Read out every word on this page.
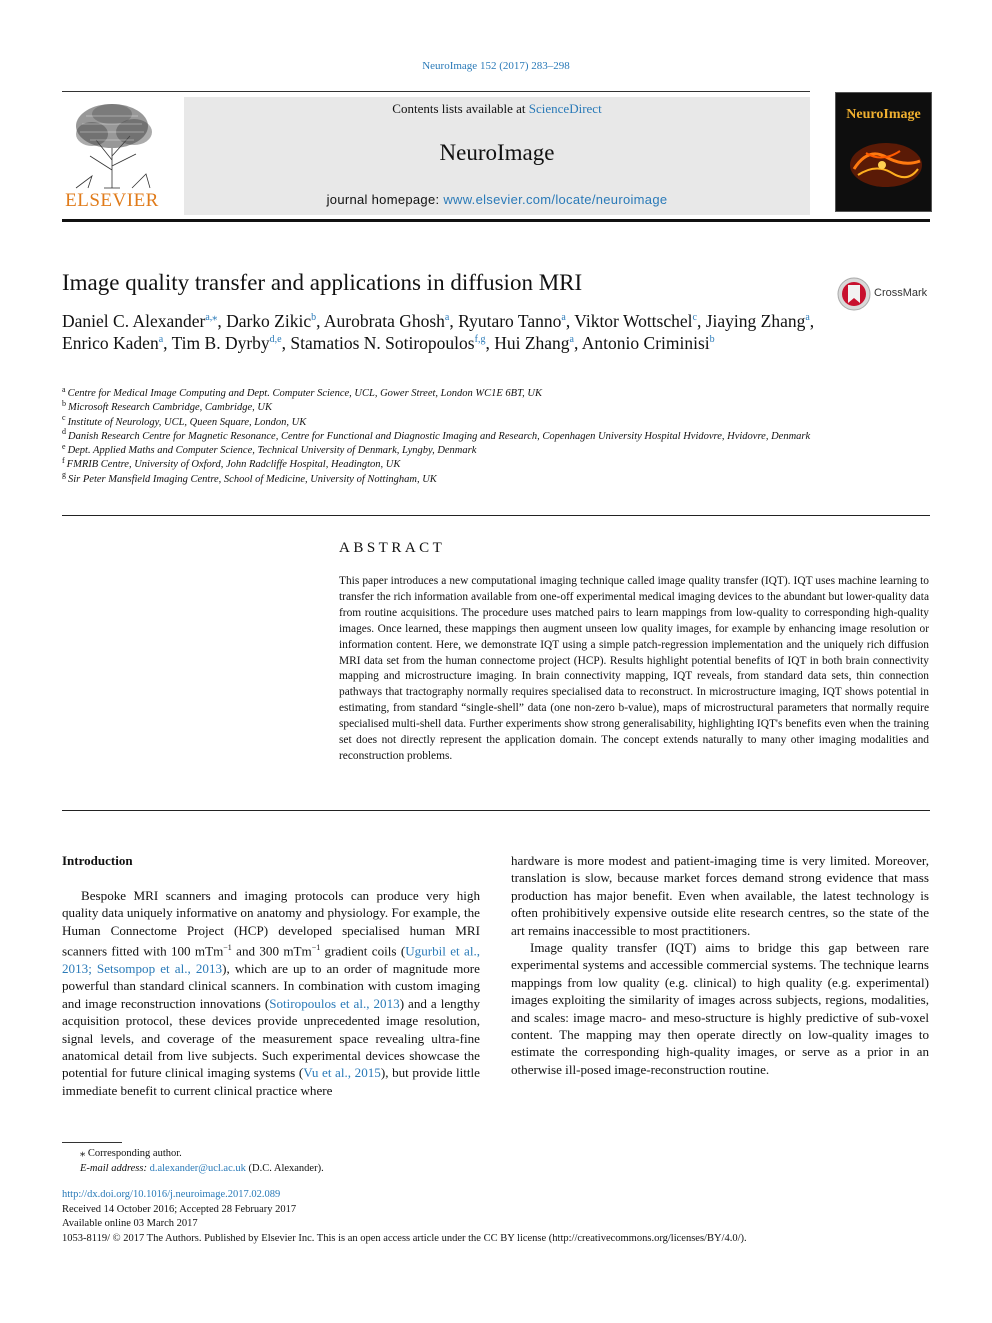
NeuroImage 152 (2017) 283–298
ELSEVIER
Contents lists available at ScienceDirect
NeuroImage
journal homepage: www.elsevier.com/locate/neuroimage
NeuroImage
Image quality transfer and applications in diffusion MRI	CrossMark
Daniel C. Alexander$^{a,⁎}$, Darko Zikic$^b$, Aurobrata Ghosh$^a$, Ryutaro Tanno$^a$, Viktor Wottschel$^c$, Jiaying Zhang$^a$, Enrico Kaden$^a$, Tim B. Dyrby$^{d,e}$, Stamatios N. Sotiropoulos$^{f,g}$, Hui Zhang$^a$, Antonio Criminisi$^b$
$^a$ Centre for Medical Image Computing and Dept. Computer Science, UCL, Gower Street, London WC1E 6BT, UK
$^b$ Microsoft Research Cambridge, Cambridge, UK
$^c$ Institute of Neurology, UCL, Queen Square, London, UK
$^d$ Danish Research Centre for Magnetic Resonance, Centre for Functional and Diagnostic Imaging and Research, Copenhagen University Hospital Hvidovre, Hvidovre, Denmark
$^e$ Dept. Applied Maths and Computer Science, Technical University of Denmark, Lyngby, Denmark
$^f$ FMRIB Centre, University of Oxford, John Radcliffe Hospital, Headington, UK
$^g$ Sir Peter Mansfield Imaging Centre, School of Medicine, University of Nottingham, UK
ABSTRACT
This paper introduces a new computational imaging technique called image quality transfer (IQT). IQT uses machine learning to transfer the rich information available from one-off experimental medical imaging devices to the abundant but lower-quality data from routine acquisitions. The procedure uses matched pairs to learn mappings from low-quality to corresponding high-quality images. Once learned, these mappings then augment unseen low quality images, for example by enhancing image resolution or information content. Here, we demonstrate IQT using a simple patch-regression implementation and the uniquely rich diffusion MRI data set from the human connectome project (HCP). Results highlight potential benefits of IQT in both brain connectivity mapping and microstructure imaging. In brain connectivity mapping, IQT reveals, from standard data sets, thin connection pathways that tractography normally requires specialised data to reconstruct. In microstructure imaging, IQT shows potential in estimating, from standard “single-shell” data (one non-zero b-value), maps of microstructural parameters that normally require specialised multi-shell data. Further experiments show strong generalisability, highlighting IQT's benefits even when the training set does not directly represent the application domain. The concept extends naturally to many other imaging modalities and reconstruction problems.
Introduction

Bespoke MRI scanners and imaging protocols can produce very high quality data uniquely informative on anatomy and physiology. For example, the Human Connectome Project (HCP) developed specialised human MRI scanners fitted with 100 mTm$^{-1}$ and 300 mTm$^{-1}$ gradient coils (Ugurbil et al., 2013; Setsompop et al., 2013), which are up to an order of magnitude more powerful than standard clinical scanners. In combination with custom imaging and image reconstruction innovations (Sotiropoulos et al., 2013) and a lengthy acquisition protocol, these devices provide unprecedented image resolution, signal levels, and coverage of the measurement space revealing ultra-fine anatomical detail from live subjects. Such experimental devices showcase the potential for future clinical imaging systems (Vu et al., 2015), but provide little immediate benefit to current clinical practice where

hardware is more modest and patient-imaging time is very limited. Moreover, translation is slow, because market forces demand strong evidence that mass production has major benefit. Even when available, the latest technology is often prohibitively expensive outside elite research centres, so the state of the art remains inaccessible to most practitioners.

Image quality transfer (IQT) aims to bridge this gap between rare experimental systems and accessible commercial systems. The technique learns mappings from low quality (e.g. clinical) to high quality (e.g. experimental) images exploiting the similarity of images across subjects, regions, modalities, and scales: image macro- and meso-structure is highly predictive of sub-voxel content. The mapping may then operate directly on low-quality images to estimate the corresponding high-quality images, or serve as a prior in an otherwise ill-posed image-reconstruction routine.

⁎ Corresponding author.
E-mail address: d.alexander@ucl.ac.uk (D.C. Alexander).
http://dx.doi.org/10.1016/j.neuroimage.2017.02.089
Received 14 October 2016; Accepted 28 February 2017
Available online 03 March 2017
1053-8119/ © 2017 The Authors. Published by Elsevier Inc. This is an open access article under the CC BY license (http://creativecommons.org/licenses/BY/4.0/).
